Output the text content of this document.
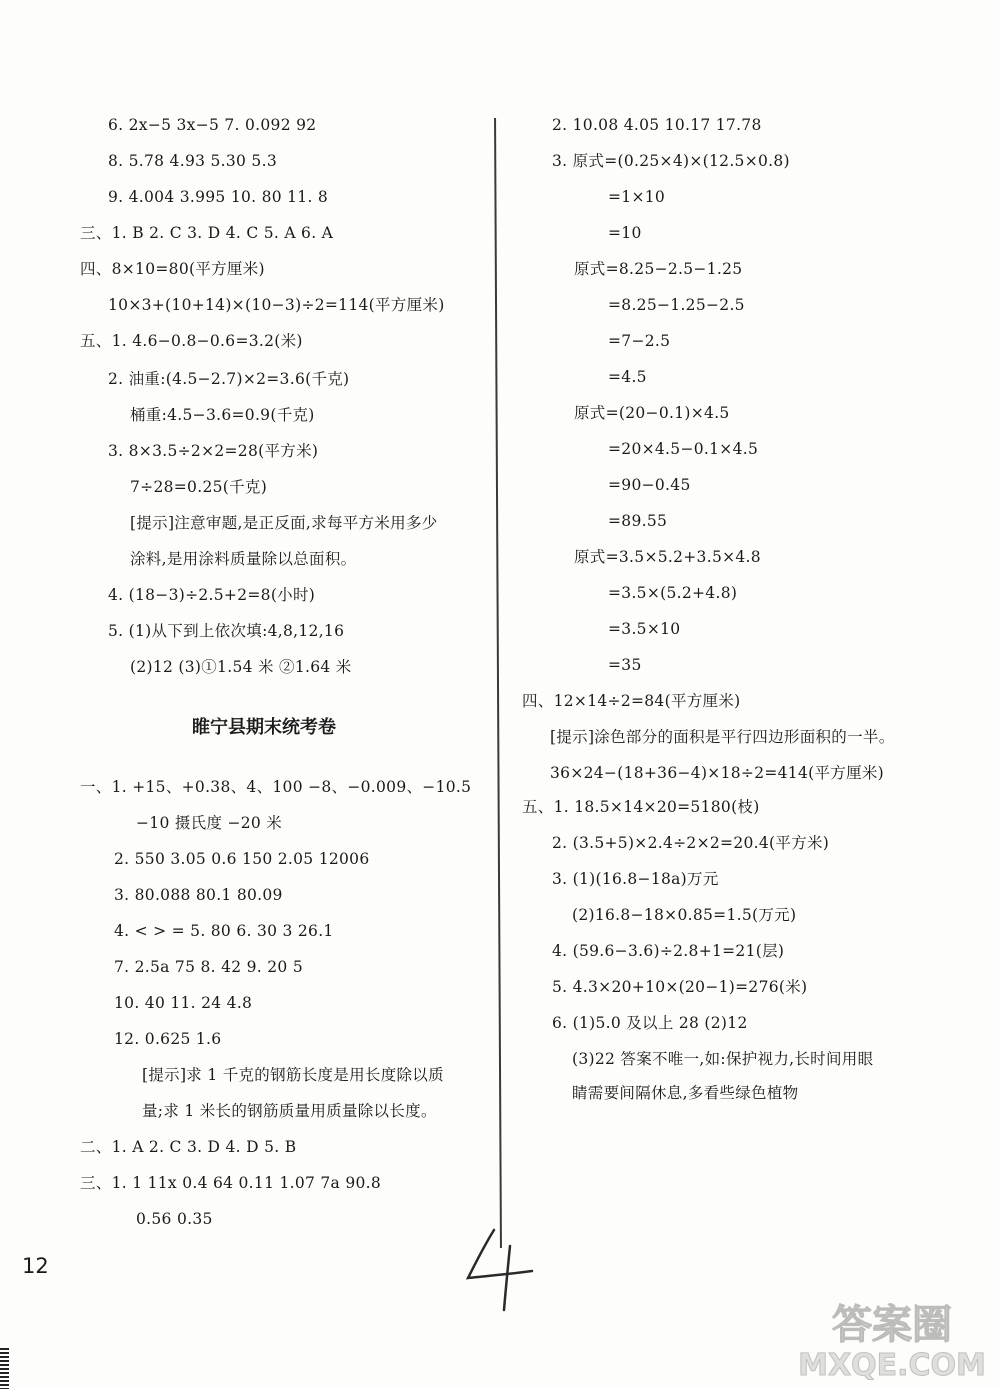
6. 2x−5 3x−5 7. 0.092 92
8. 5.78 4.93 5.30 5.3
9. 4.004 3.995 10. 80 11. 8
三、1. B 2. C 3. D 4. C 5. A 6. A
四、8×10=80(平方厘米)
10×3+(10+14)×(10−3)÷2=114(平方厘米)
五、1. 4.6−0.8−0.6=3.2(米)
2. 油重:(4.5−2.7)×2=3.6(千克)
桶重:4.5−3.6=0.9(千克)
3. 8×3.5÷2×2=28(平方米)
7÷28=0.25(千克)
[提示]注意审题,是正反面,求每平方米用多少
涂料,是用涂料质量除以总面积。
4. (18−3)÷2.5+2=8(小时)
5. (1)从下到上依次填:4,8,12,16
(2)12 (3)①1.54 米 ②1.64 米
睢宁县期末统考卷
一、1. +15、+0.38、4、100 −8、−0.009、−10.5
−10 摄氏度 −20 米
2. 550 3.05 0.6 150 2.05 12006
3. 80.088 80.1 80.09
4. < > = 5. 80 6. 30 3 26.1
7. 2.5a 75 8. 42 9. 20 5
10. 40 11. 24 4.8
12. 0.625 1.6
[提示]求 1 千克的钢筋长度是用长度除以质
量;求 1 米长的钢筋质量用质量除以长度。
二、1. A 2. C 3. D 4. D 5. B
三、1. 1 11x 0.4 64 0.11 1.07 7a 90.8
0.56 0.35
2. 10.08 4.05 10.17 17.78
3. 原式=(0.25×4)×(12.5×0.8)
=1×10
=10
原式=8.25−2.5−1.25
=8.25−1.25−2.5
=7−2.5
=4.5
原式=(20−0.1)×4.5
=20×4.5−0.1×4.5
=90−0.45
=89.55
原式=3.5×5.2+3.5×4.8
=3.5×(5.2+4.8)
=3.5×10
=35
四、12×14÷2=84(平方厘米)
[提示]涂色部分的面积是平行四边形面积的一半。
36×24−(18+36−4)×18÷2=414(平方厘米)
五、1. 18.5×14×20=5180(枝)
2. (3.5+5)×2.4÷2×2=20.4(平方米)
3. (1)(16.8−18a)万元
(2)16.8−18×0.85=1.5(万元)
4. (59.6−3.6)÷2.8+1=21(层)
5. 4.3×20+10×(20−1)=276(米)
6. (1)5.0 及以上 28 (2)12
(3)22 答案不唯一,如:保护视力,长时间用眼
睛需要间隔休息,多看些绿色植物
12
答案圈
MXQE.COM
